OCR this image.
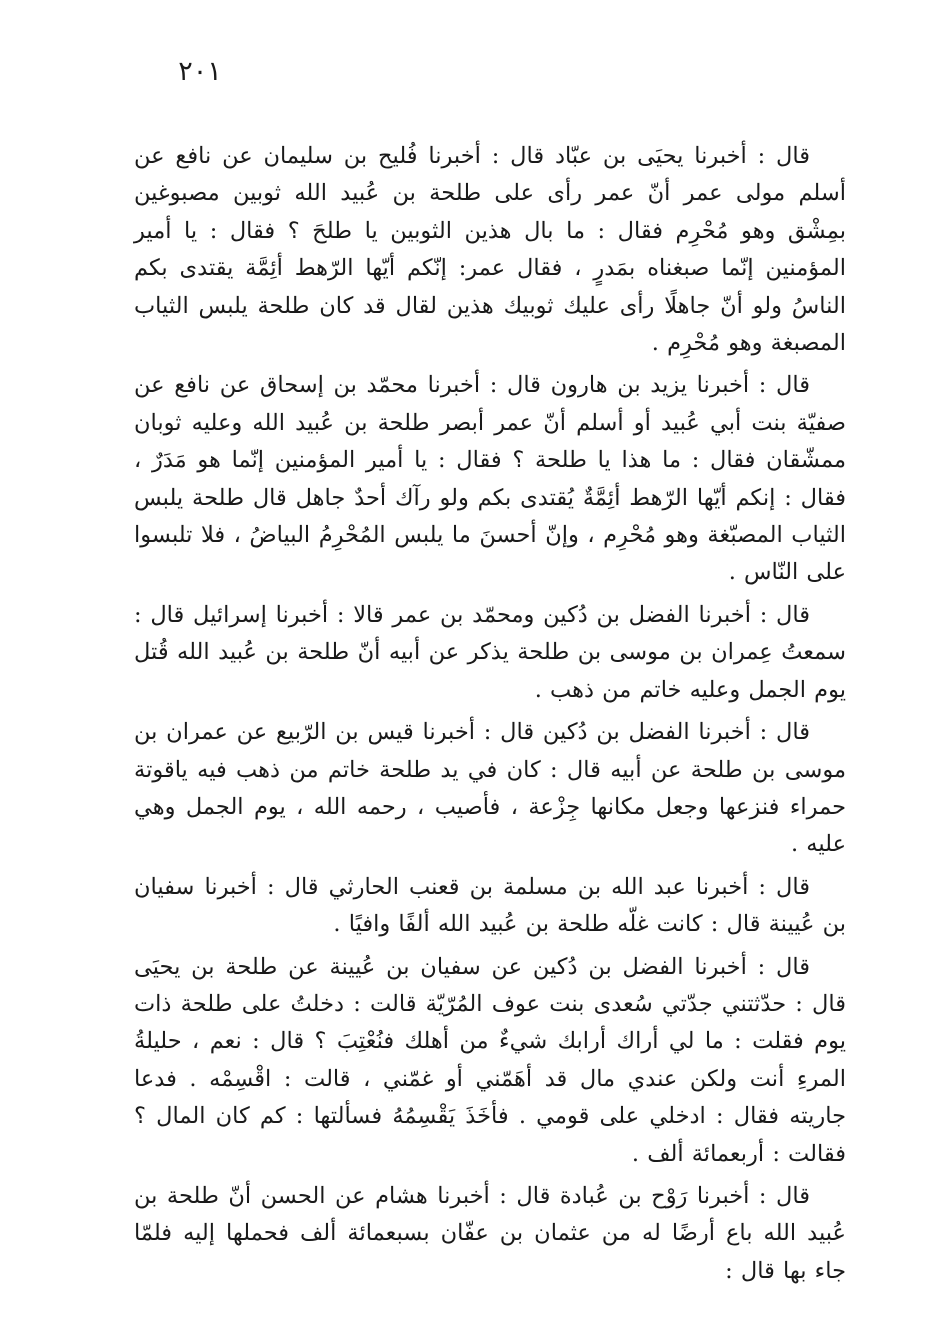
٢٠١

قال : أخبرنا يحيَى بن عبّاد قال : أخبرنا فُليح بن سليمان عن نافع عن أسلم مولى عمر أنّ عمر رأى على طلحة بن عُبيد الله ثوبين مصبوغين بمِشْق وهو مُحْرِم فقال : ما بال هذين الثوبين يا طلحَ ؟ فقال : يا أمير المؤمنين إنّما صبغناه بمَدرٍ ، فقال عمر: إنّكم أيّها الرّهط أئِمَّة يقتدى بكم الناسُ ولو أنّ جاهلًا رأى عليك ثوبيك هذين لقال قد كان طلحة يلبس الثياب المصبغة وهو مُحْرِم .

قال : أخبرنا يزيد بن هارون قال : أخبرنا محمّد بن إسحاق عن نافع عن صفيّة بنت أبي عُبيد أو أسلم أنّ عمر أبصر طلحة بن عُبيد الله وعليه ثوبان ممشّقان فقال : ما هذا يا طلحة ؟ فقال : يا أمير المؤمنين إنّما هو مَدَرٌ ، فقال : إنكم أيّها الرّهط أئِمَّةٌ يُقتدى بكم ولو رآك أحدٌ جاهل قال طلحة يلبس الثياب المصبّغة وهو مُحْرِم ، وإنّ أحسنَ ما يلبس المُحْرِمُ البياضُ ، فلا تلبسوا على النّاس .

قال : أخبرنا الفضل بن دُكين ومحمّد بن عمر قالا : أخبرنا إسرائيل قال : سمعتُ عِمران بن موسى بن طلحة يذكر عن أبيه أنّ طلحة بن عُبيد الله قُتل يوم الجمل وعليه خاتم من ذهب .

قال : أخبرنا الفضل بن دُكين قال : أخبرنا قيس بن الرّبيع عن عمران بن موسى بن طلحة عن أبيه قال : كان في يد طلحة خاتم من ذهب فيه ياقوتة حمراء فنزعها وجعل مكانها جِزْعة ، فأصيب ، رحمه الله ، يوم الجمل وهي عليه .

قال : أخبرنا عبد الله بن مسلمة بن قعنب الحارثي قال : أخبرنا سفيان بن عُيينة قال : كانت غلّه طلحة بن عُبيد الله ألفًا وافيًا .

قال : أخبرنا الفضل بن دُكين عن سفيان بن عُيينة عن طلحة بن يحيَى قال : حدّثتني جدّتي سُعدى بنت عوف المُرّيّة قالت : دخلتُ على طلحة ذات يوم فقلت : ما لي أراك أرابك شيءٌ من أهلك فنُعْتِبَ ؟ قال : نعم ، حليلةُ المرءِ أنت ولكن عندي مال قد أهَمّني أو غمّني ، قالت : اقْسِمْه . فدعا جاريته فقال : ادخلي على قومي . فأخَذَ يَقْسِمُهُ فسألتها : كم كان المال ؟ فقالت : أربعمائة ألف .

قال : أخبرنا رَوْح بن عُبادة قال : أخبرنا هشام عن الحسن أنّ طلحة بن عُبيد الله باع أرضًا له من عثمان بن عفّان بسبعمائة ألف فحملها إليه فلمّا جاء بها قال :
